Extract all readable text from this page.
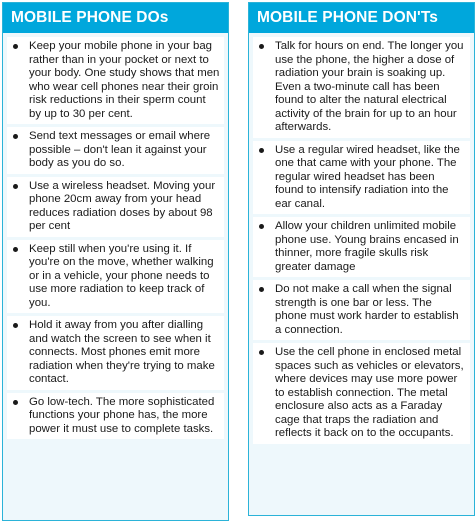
MOBILE PHONE DOs
Keep your mobile phone in your bag rather than in your pocket or next to your body. One study shows that men who wear cell phones near their groin risk reductions in their sperm count by up to 30 per cent.
Send text messages or email where possible – don't lean it against your body as you do so.
Use a wireless headset. Moving your phone 20cm away from your head reduces radiation doses by about 98 per cent
Keep still when you're using it. If you're on the move, whether walking or in a vehicle, your phone needs to use more radiation to keep track of you.
Hold it away from you after dialling and watch the screen to see when it connects. Most phones emit more radiation when they're trying to make contact.
Go low-tech. The more sophisticated functions your phone has, the more power it must use to complete tasks.
MOBILE PHONE DON'Ts
Talk for hours on end. The longer you use the phone, the higher a dose of radiation your brain is soaking up. Even a two-minute call has been found to alter the natural electrical activity of the brain for up to an hour afterwards.
Use a regular wired headset, like the one that came with your phone. The regular wired headset has been found to intensify radiation into the ear canal.
Allow your children unlimited mobile phone use. Young brains encased in thinner, more fragile skulls risk greater damage
Do not make a call when the signal strength is one bar or less. The phone must work harder to establish a connection.
Use the cell phone in enclosed metal spaces such as vehicles or elevators, where devices may use more power to establish connection. The metal enclosure also acts as a Faraday cage that traps the radiation and reflects it back on to the occupants.
